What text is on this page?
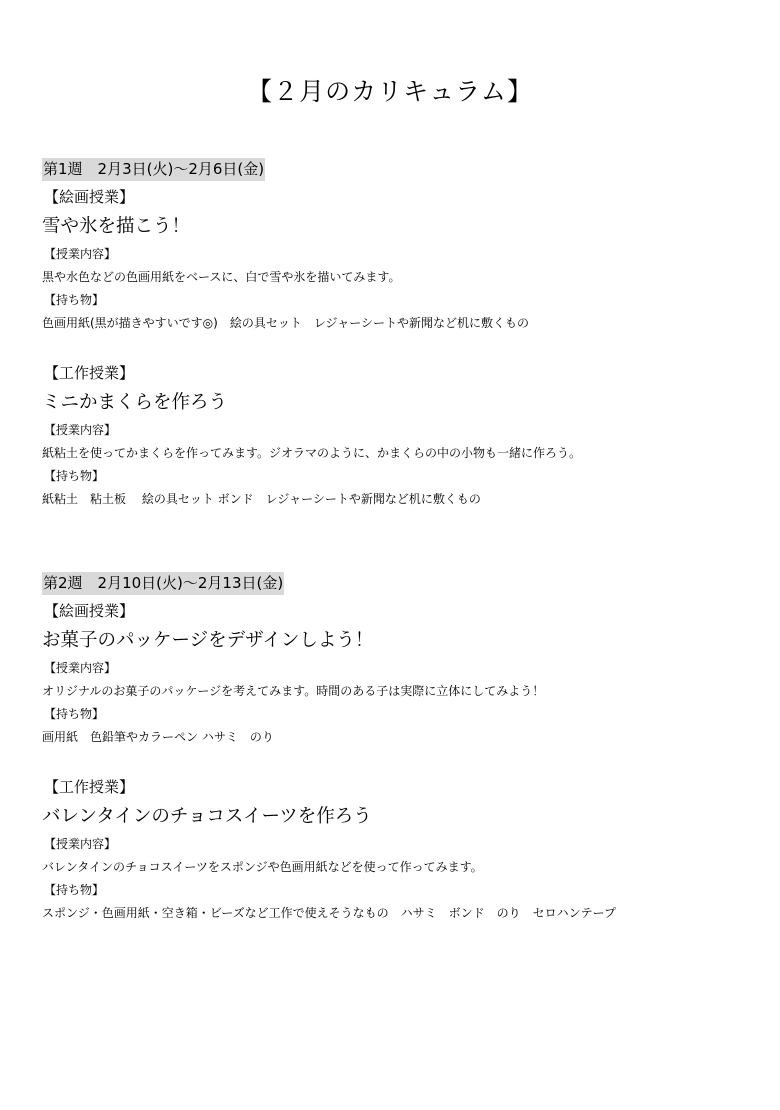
【２月のカリキュラム】
第1週　2月3日(火)〜2月6日(金)
【絵画授業】
雪や氷を描こう！
【授業内容】
黒や水色などの色画用紙をベースに、白で雪や氷を描いてみます。
【持ち物】
色画用紙(黒が描きやすいです◎)　絵の具セット　レジャーシートや新聞など机に敷くもの
【工作授業】
ミニかまくらを作ろう
【授業内容】
紙粘土を使ってかまくらを作ってみます。ジオラマのように、かまくらの中の小物も一緒に作ろう。
【持ち物】
紙粘土　粘土板　 絵の具セット ボンド　レジャーシートや新聞など机に敷くもの
第2週　2月10日(火)〜2月13日(金)
【絵画授業】
お菓子のパッケージをデザインしよう！
【授業内容】
オリジナルのお菓子のパッケージを考えてみます。時間のある子は実際に立体にしてみよう！
【持ち物】
画用紙　色鉛筆やカラーペン ハサミ　のり
【工作授業】
バレンタインのチョコスイーツを作ろう
【授業内容】
バレンタインのチョコスイーツをスポンジや色画用紙などを使って作ってみます。
【持ち物】
スポンジ・色画用紙・空き箱・ビーズなど工作で使えそうなもの　ハサミ　ボンド　のり　セロハンテープ
